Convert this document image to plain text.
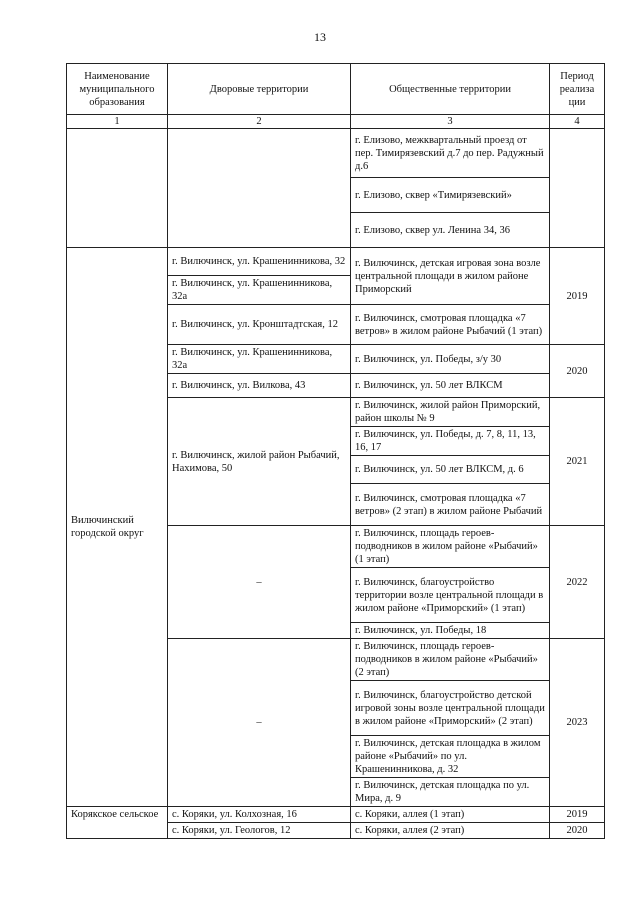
13
Наименование муниципального образования	Дворовые территории	Общественные территории	Период реализа ции
1	2	3	4
		г. Елизово, межквартальный проезд от пер. Тимирязевский д.7 до пер. Радужный д.6	
		г. Елизово, сквер «Тимирязевский»	
		г. Елизово, сквер ул. Ленина 34, 36	
Вилючинский городской округ	г. Вилючинск, ул. Крашенинникова, 32	г. Вилючинск, детская игровая зона возле центральной площади в жилом районе Приморский	2019
	г. Вилючинск, ул. Крашенинникова, 32а		
	г. Вилючинск, ул. Кронштадтская, 12	г. Вилючинск, смотровая площадка «7 ветров» в жилом районе Рыбачий (1 этап)	
	г. Вилючинск, ул. Крашенинникова, 32а	г. Вилючинск, ул. Победы, з/у 30	2020
	г. Вилючинск, ул. Вилкова, 43	г. Вилючинск, ул. 50 лет ВЛКСМ	
	г. Вилючинск, жилой район Рыбачий, Нахимова, 50	г. Вилючинск, жилой район Приморский, район школы № 9	2021
		г. Вилючинск, ул. Победы, д. 7, 8, 11, 13, 16, 17	
		г. Вилючинск, ул. 50 лет ВЛКСМ, д. 6	
		г. Вилючинск, смотровая площадка «7 ветров» (2 этап) в жилом районе Рыбачий	
	–	г. Вилючинск, площадь героев-подводников в жилом районе «Рыбачий» (1 этап)	2022
		г. Вилючинск, благоустройство территории возле центральной площади в жилом районе «Приморский» (1 этап)	
		г. Вилючинск, ул. Победы, 18	
	–	г. Вилючинск, площадь героев-подводников в жилом районе «Рыбачий» (2 этап)	2023
		г. Вилючинск, благоустройство детской игровой зоны возле центральной площади в жилом районе «Приморский» (2 этап)	
		г. Вилючинск, детская площадка в жилом районе «Рыбачий» по ул. Крашенинникова, д. 32	
		г. Вилючинск, детская площадка по ул. Мира, д. 9	
Корякское сельское	с. Коряки, ул. Колхозная, 16	с. Коряки, аллея (1 этап)	2019
	с. Коряки, ул. Геологов, 12	с. Коряки, аллея (2 этап)	2020
